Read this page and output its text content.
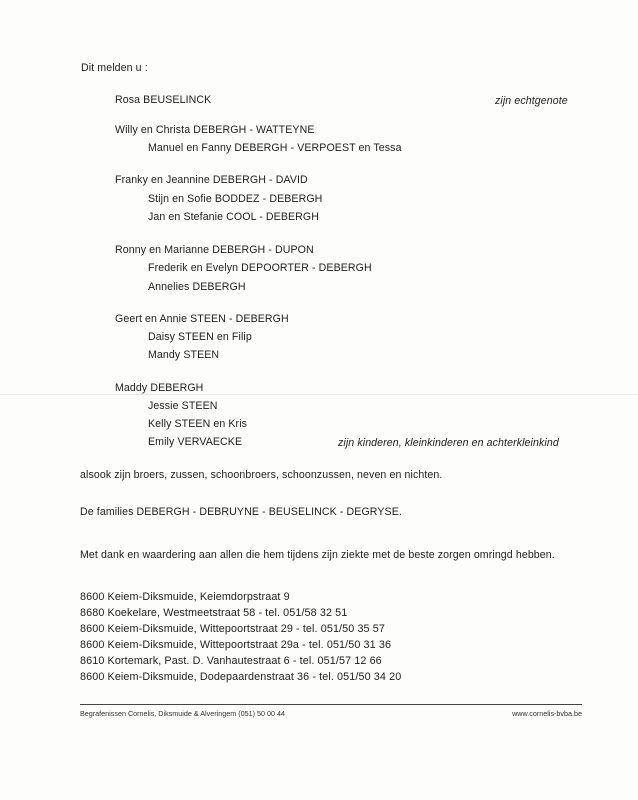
Dit melden u :
Rosa BEUSELINCK	zijn echtgenote
Willy en Christa DEBERGH - WATTEYNE
Manuel en Fanny DEBERGH - VERPOEST en Tessa
Franky en Jeannine DEBERGH - DAVID
Stijn en Sofie BODDEZ - DEBERGH
Jan en Stefanie COOL - DEBERGH
Ronny en Marianne DEBERGH - DUPON
Frederik en Evelyn DEPOORTER - DEBERGH
Annelies DEBERGH
Geert en Annie STEEN - DEBERGH
Daisy STEEN en Filip
Mandy STEEN
Maddy DEBERGH
Jessie STEEN
Kelly STEEN en Kris
Emily VERVAECKE	zijn kinderen, kleinkinderen en achterkleinkind
alsook zijn broers, zussen, schoonbroers, schoonzussen, neven en nichten.
De families DEBERGH - DEBRUYNE - BEUSELINCK - DEGRYSE.
Met dank en waardering aan allen die hem tijdens zijn ziekte met de beste zorgen omringd hebben.
8600 Keiem-Diksmuide, Keiemdorpstraat 9
8680 Koekelare, Westmeetstraat 58 - tel. 051/58 32 51
8600 Keiem-Diksmuide, Wittepoortstraat 29 - tel. 051/50 35 57
8600 Keiem-Diksmuide, Wittepoortstraat 29a - tel. 051/50 31 36
8610 Kortemark, Past. D. Vanhautestraat 6 - tel. 051/57 12 66
8600 Keiem-Diksmuide, Dodepaardenstraat 36 - tel. 051/50 34 20
Begrafenissen Cornelis, Diksmuide & Alveringem (051) 50 00 44	www.cornelis-bvba.be
